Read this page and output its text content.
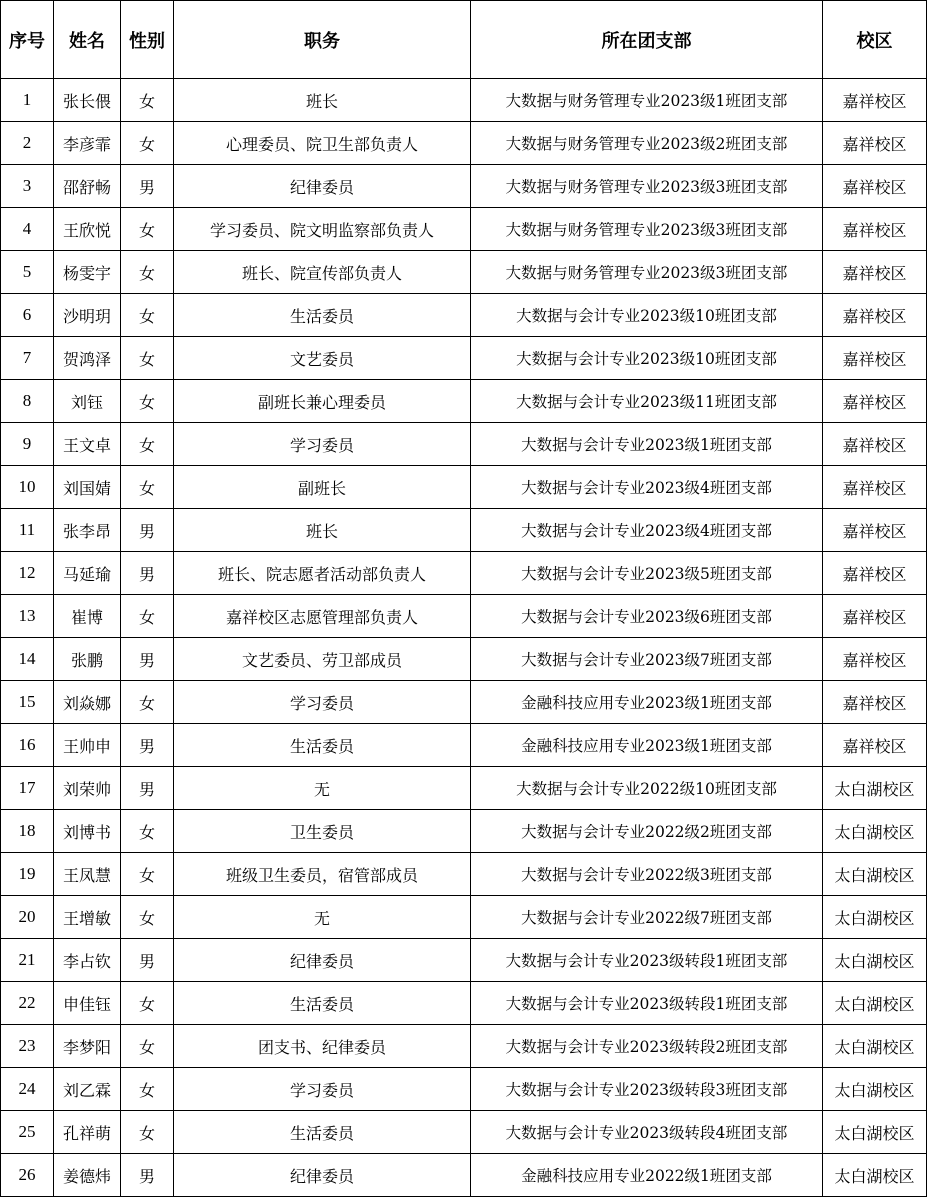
序号	姓名	性别	职务	所在团支部	校区
1	张长偎	女	班长	大数据与财务管理专业2023级1班团支部	嘉祥校区
2	李彦霏	女	心理委员、院卫生部负责人	大数据与财务管理专业2023级2班团支部	嘉祥校区
3	邵舒畅	男	纪律委员	大数据与财务管理专业2023级3班团支部	嘉祥校区
4	王欣悦	女	学习委员、院文明监察部负责人	大数据与财务管理专业2023级3班团支部	嘉祥校区
5	杨雯宇	女	班长、院宣传部负责人	大数据与财务管理专业2023级3班团支部	嘉祥校区
6	沙明玥	女	生活委员	大数据与会计专业2023级10班团支部	嘉祥校区
7	贺鸿泽	女	文艺委员	大数据与会计专业2023级10班团支部	嘉祥校区
8	刘钰	女	副班长兼心理委员	大数据与会计专业2023级11班团支部	嘉祥校区
9	王文卓	女	学习委员	大数据与会计专业2023级1班团支部	嘉祥校区
10	刘国婧	女	副班长	大数据与会计专业2023级4班团支部	嘉祥校区
11	张李昂	男	班长	大数据与会计专业2023级4班团支部	嘉祥校区
12	马延瑜	男	班长、院志愿者活动部负责人	大数据与会计专业2023级5班团支部	嘉祥校区
13	崔博	女	嘉祥校区志愿管理部负责人	大数据与会计专业2023级6班团支部	嘉祥校区
14	张鹏	男	文艺委员、劳卫部成员	大数据与会计专业2023级7班团支部	嘉祥校区
15	刘焱娜	女	学习委员	金融科技应用专业2023级1班团支部	嘉祥校区
16	王帅申	男	生活委员	金融科技应用专业2023级1班团支部	嘉祥校区
17	刘荣帅	男	无	大数据与会计专业2022级10班团支部	太白湖校区
18	刘博书	女	卫生委员	大数据与会计专业2022级2班团支部	太白湖校区
19	王凤慧	女	班级卫生委员，宿管部成员	大数据与会计专业2022级3班团支部	太白湖校区
20	王增敏	女	无	大数据与会计专业2022级7班团支部	太白湖校区
21	李占钦	男	纪律委员	大数据与会计专业2023级转段1班团支部	太白湖校区
22	申佳钰	女	生活委员	大数据与会计专业2023级转段1班团支部	太白湖校区
23	李梦阳	女	团支书、纪律委员	大数据与会计专业2023级转段2班团支部	太白湖校区
24	刘乙霖	女	学习委员	大数据与会计专业2023级转段3班团支部	太白湖校区
25	孔祥萌	女	生活委员	大数据与会计专业2023级转段4班团支部	太白湖校区
26	姜德炜	男	纪律委员	金融科技应用专业2022级1班团支部	太白湖校区
